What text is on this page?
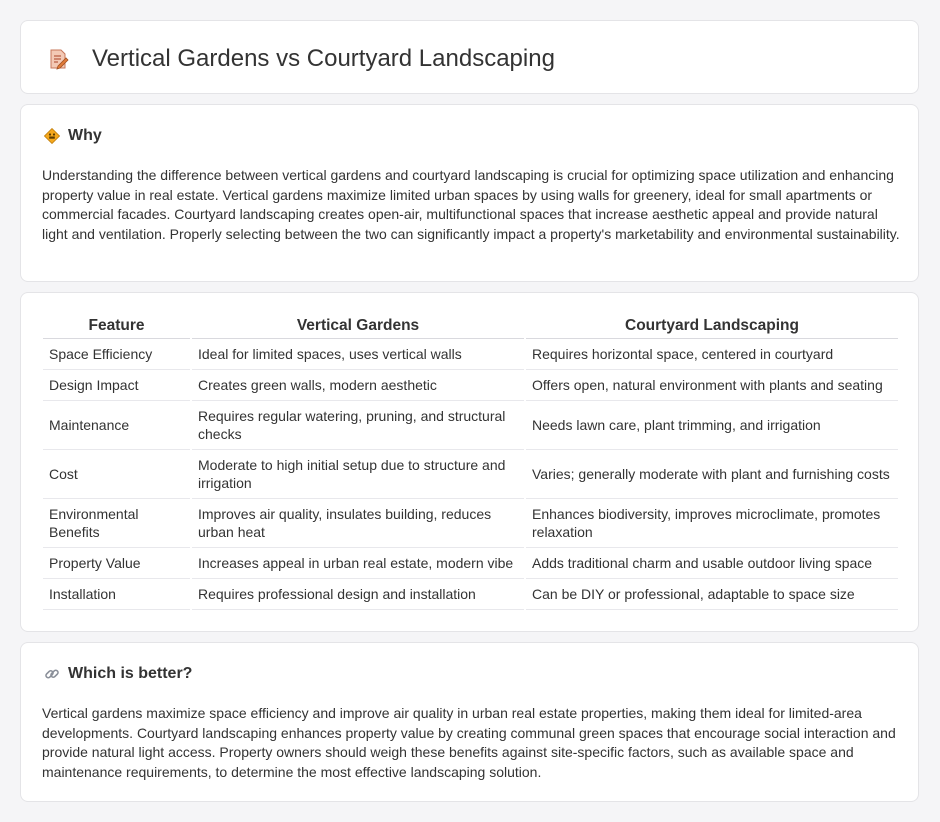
Vertical Gardens vs Courtyard Landscaping
Why

Understanding the difference between vertical gardens and courtyard landscaping is crucial for optimizing space utilization and enhancing property value in real estate. Vertical gardens maximize limited urban spaces by using walls for greenery, ideal for small apartments or commercial facades. Courtyard landscaping creates open-air, multifunctional spaces that increase aesthetic appeal and provide natural light and ventilation. Properly selecting between the two can significantly impact a property's marketability and environmental sustainability.

Feature	Vertical Gardens	Courtyard Landscaping
Space Efficiency	Ideal for limited spaces, uses vertical walls	Requires horizontal space, centered in courtyard
Design Impact	Creates green walls, modern aesthetic	Offers open, natural environment with plants and seating
Maintenance	Requires regular watering, pruning, and structural checks	Needs lawn care, plant trimming, and irrigation
Cost	Moderate to high initial setup due to structure and irrigation	Varies; generally moderate with plant and furnishing costs
Environmental Benefits	Improves air quality, insulates building, reduces urban heat	Enhances biodiversity, improves microclimate, promotes relaxation
Property Value	Increases appeal in urban real estate, modern vibe	Adds traditional charm and usable outdoor living space
Installation	Requires professional design and installation	Can be DIY or professional, adaptable to space size
Which is better?

Vertical gardens maximize space efficiency and improve air quality in urban real estate properties, making them ideal for limited-area developments. Courtyard landscaping enhances property value by creating communal green spaces that encourage social interaction and provide natural light access. Property owners should weigh these benefits against site-specific factors, such as available space and maintenance requirements, to determine the most effective landscaping solution.
